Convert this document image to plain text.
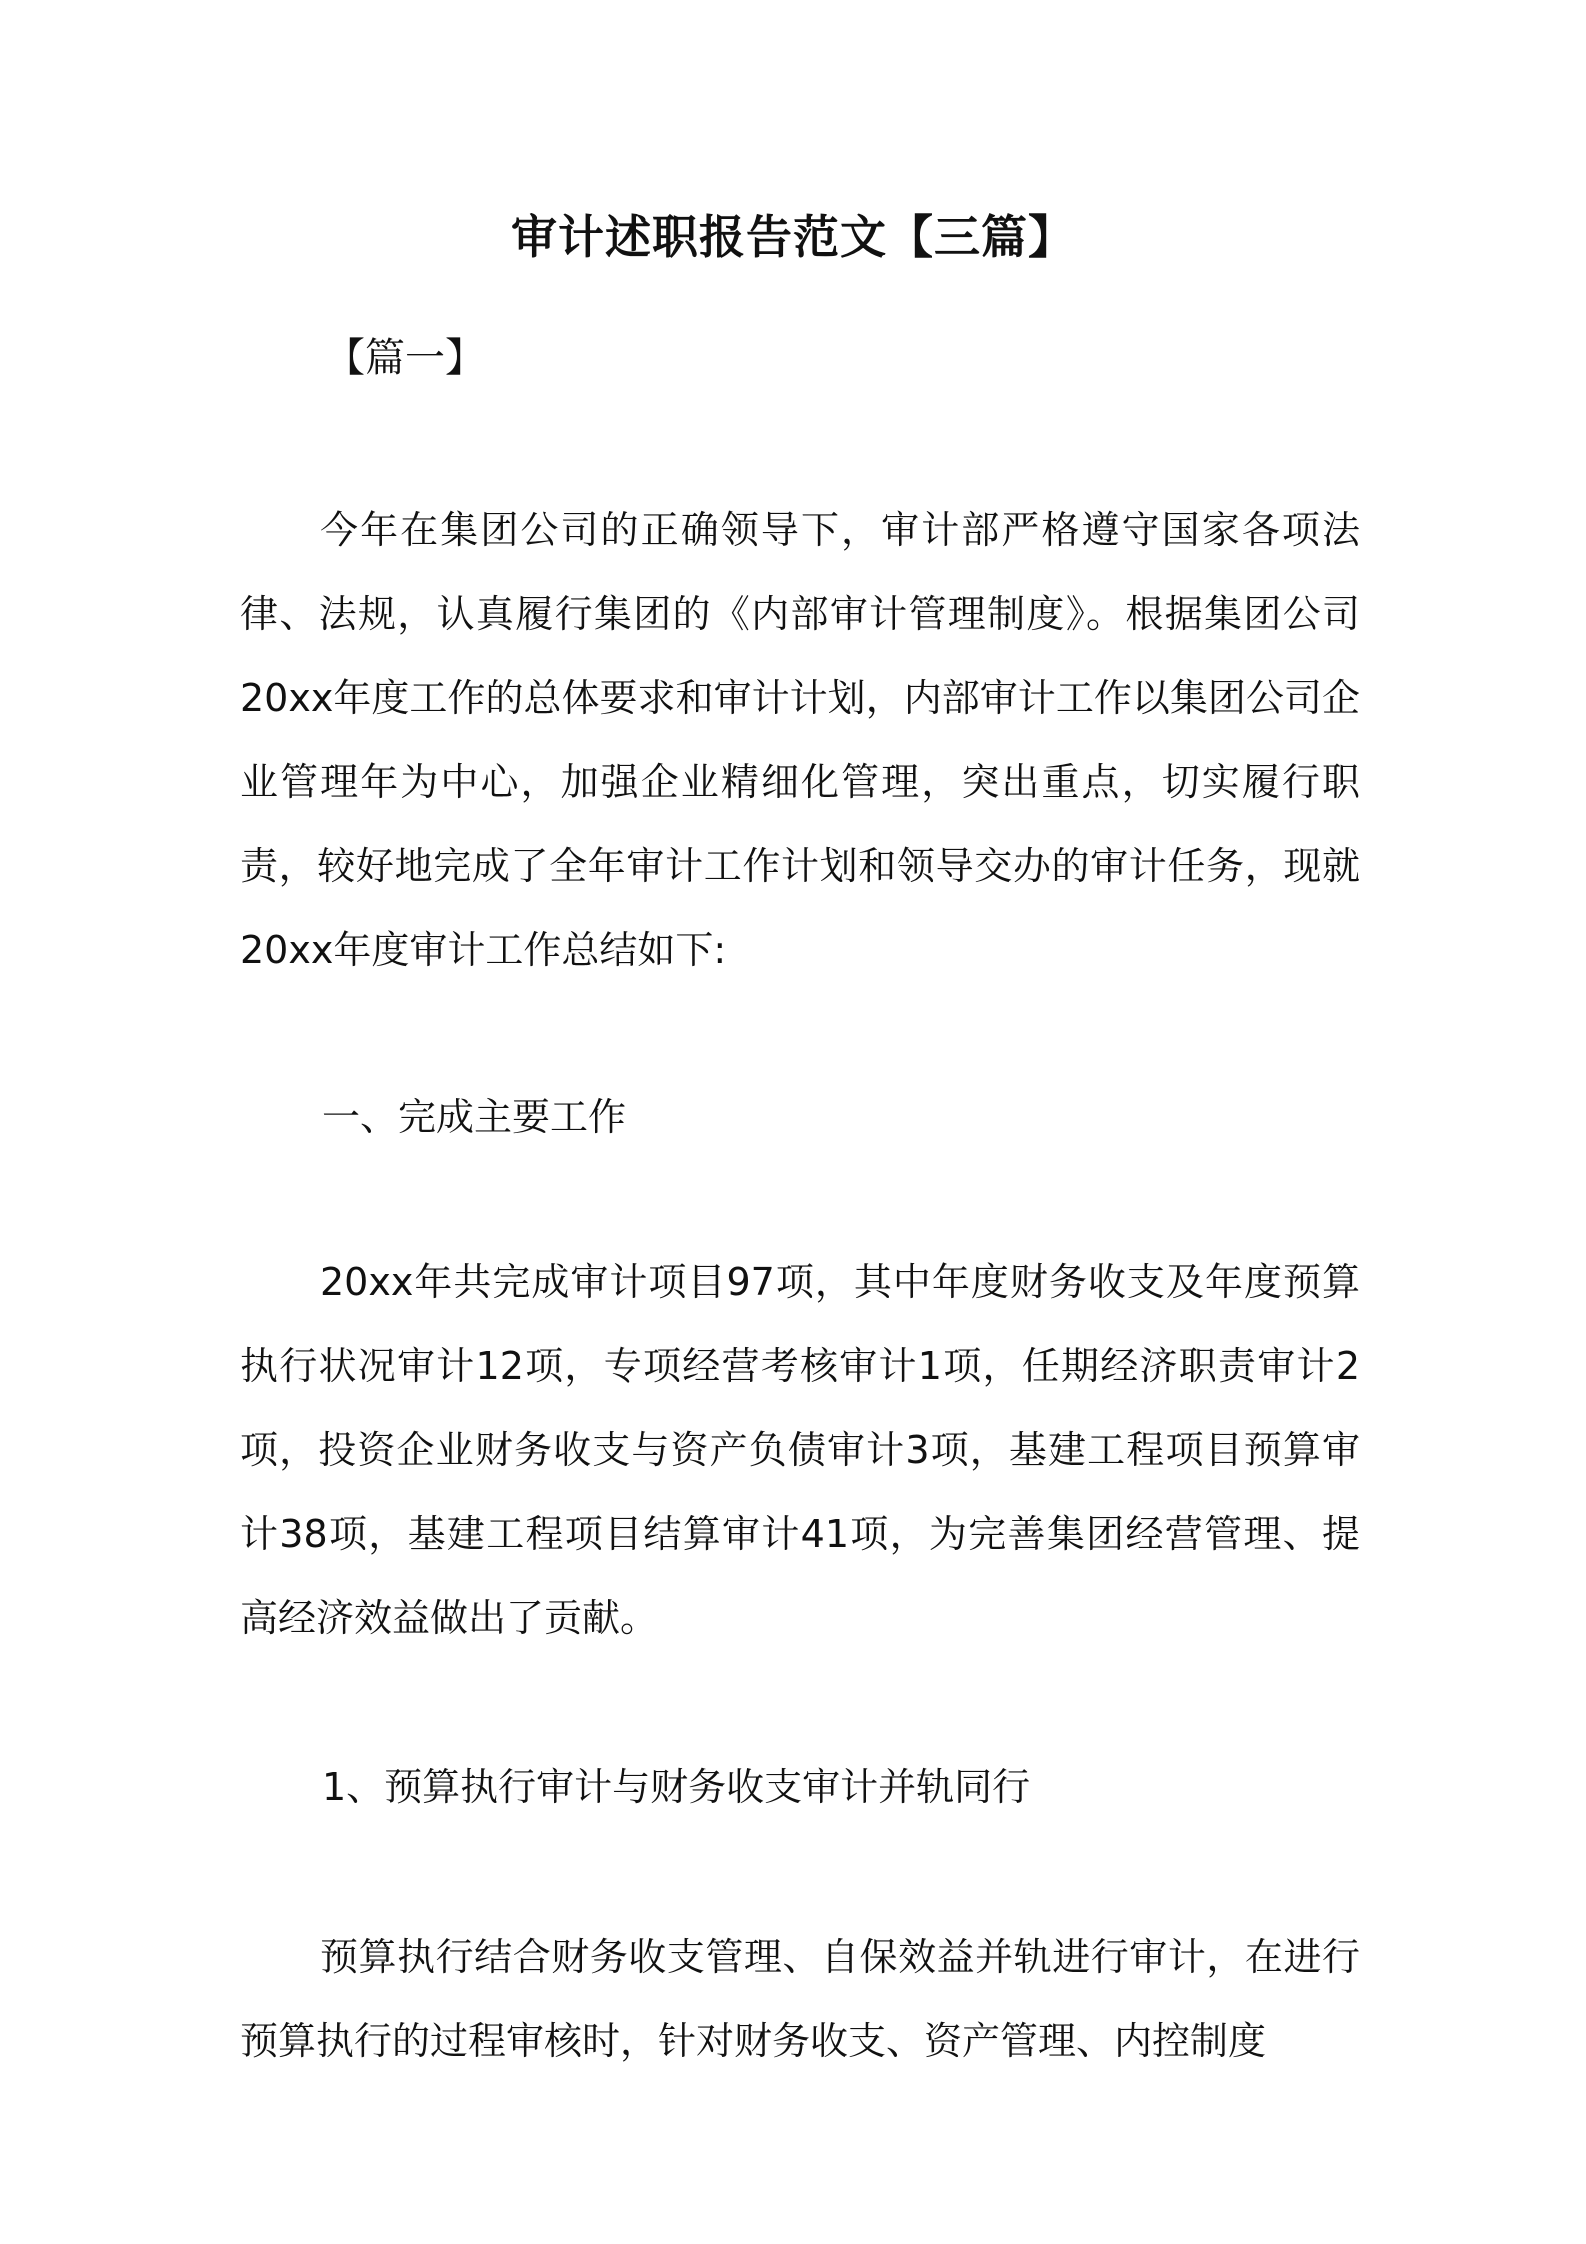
审计述职报告范文【三篇】
【篇一】
今年在集团公司的正确领导下，审计部严格遵守国家各项法律、法规，认真履行集团的《内部审计管理制度》。根据集团公司20xx年度工作的总体要求和审计计划，内部审计工作以集团公司企业管理年为中心，加强企业精细化管理，突出重点，切实履行职责，较好地完成了全年审计工作计划和领导交办的审计任务，现就20xx年度审计工作总结如下:
一、完成主要工作
20xx年共完成审计项目97项，其中年度财务收支及年度预算执行状况审计12项，专项经营考核审计1项，任期经济职责审计2项，投资企业财务收支与资产负债审计3项，基建工程项目预算审计38项，基建工程项目结算审计41项，为完善集团经营管理、提高经济效益做出了贡献。
1、预算执行审计与财务收支审计并轨同行
预算执行结合财务收支管理、自保效益并轨进行审计，在进行预算执行的过程审核时，针对财务收支、资产管理、内控制度
